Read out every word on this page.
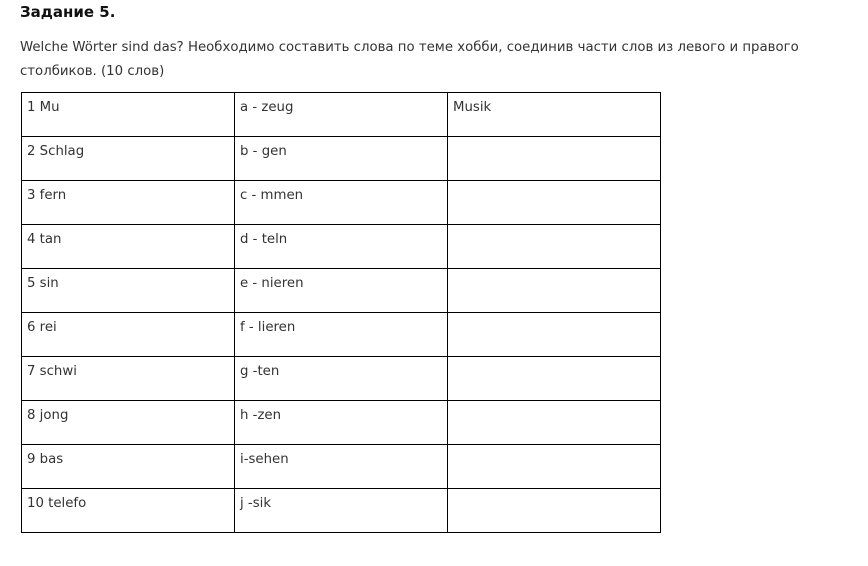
Задание 5.

Welche Wörter sind das? Необходимо составить слова по теме хобби, соединив части слов из левого и правого столбиков. (10 слов)

1 Mu	a - zeug	Musik
2 Schlag	b - gen	
3 fern	c - mmen	
4 tan	d - teln	
5 sin	e - nieren	
6 rei	f - lieren	
7 schwi	g -ten	
8 jong	h -zen	
9 bas	i-sehen	
10 telefo	j -sik	
